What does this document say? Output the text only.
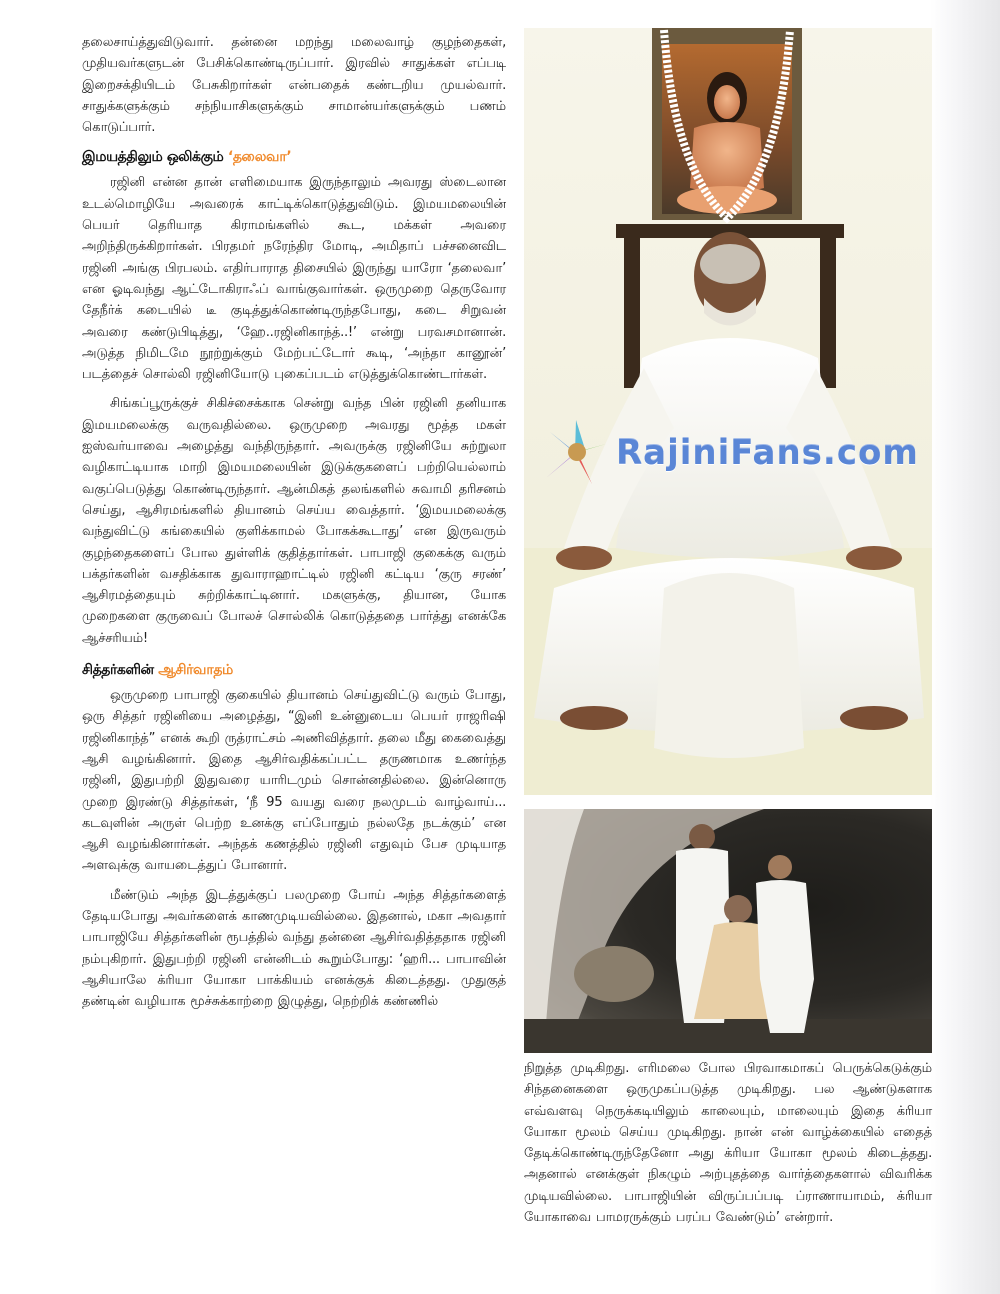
தலைசாய்த்துவிடுவார். தன்னை மறந்து மலைவாழ் குழந்தைகள், முதியவர்களுடன் பேசிக்கொண்டிருப்பார். இரவில் சாதுக்கள் எப்படி இறைசக்தியிடம் பேசுகிறார்கள் என்பதைக் கண்டறிய முயல்வார். சாதுக்களுக்கும் சந்நியாசிகளுக்கும் சாமான்யர்களுக்கும் பணம் கொடுப்பார்.

இமயத்திலும் ஒலிக்கும் ‘தலைவா’

ரஜினி என்ன தான் எளிமையாக இருந்தாலும் அவரது ஸ்டைலான உடல்மொழியே அவரைக் காட்டிக்கொடுத்துவிடும். இமயமலையின் பெயர் தெரியாத கிராமங்களில் கூட, மக்கள் அவரை அறிந்திருக்கிறார்கள். பிரதமர் நரேந்திர மோடி, அமிதாப் பச்சனைவிட ரஜினி அங்கு பிரபலம். எதிர்பாராத திசையில் இருந்து யாரோ ‘தலைவா’ என ஓடிவந்து ஆட்டோகிராஃப் வாங்குவார்கள். ஒருமுறை தெருவோர தேநீர்க் கடையில் டீ குடித்துக்கொண்டிருந்தபோது, கடை சிறுவன் அவரை கண்டுபிடித்து, ‘ஹே..ரஜினிகாந்த்..!’ என்று பரவசமானான். அடுத்த நிமிடமே நூற்றுக்கும் மேற்பட்டோர் கூடி, ‘அந்தா கானூன்’ படத்தைச் சொல்லி ரஜினியோடு புகைப்படம் எடுத்துக்கொண்டார்கள்.

சிங்கப்பூருக்குச் சிகிச்சைக்காக சென்று வந்த பின் ரஜினி தனியாக இமயமலைக்கு வருவதில்லை. ஒருமுறை அவரது மூத்த மகள் ஐஸ்வர்யாவை அழைத்து வந்திருந்தார். அவருக்கு ரஜினியே சுற்றுலா வழிகாட்டியாக மாறி இமயமலையின் இடுக்குகளைப் பற்றியெல்லாம் வகுப்பெடுத்து கொண்டிருந்தார். ஆன்மிகத் தலங்களில் சுவாமி தரிசனம் செய்து, ஆசிரமங்களில் தியானம் செய்ய வைத்தார். ‘இமயமலைக்கு வந்துவிட்டு கங்கையில் குளிக்காமல் போகக்கூடாது’ என இருவரும் குழந்தைகளைப் போல துள்ளிக் குதித்தார்கள். பாபாஜி குகைக்கு வரும் பக்தர்களின் வசதிக்காக துவாராஹாட்டில் ரஜினி கட்டிய ‘குரு சரண்’ ஆசிரமத்தையும் சுற்றிக்காட்டினார். மகளுக்கு, தியான, யோக முறைகளை குருவைப் போலச் சொல்லிக் கொடுத்ததை பார்த்து எனக்கே ஆச்சரியம்!

சித்தர்களின் ஆசிர்வாதம்

ஒருமுறை பாபாஜி குகையில் தியானம் செய்துவிட்டு வரும் போது, ஒரு சித்தர் ரஜினியை அழைத்து, “இனி உன்னுடைய பெயர் ராஜரிஷி ரஜினிகாந்த்” எனக் கூறி ருத்ராட்சம் அணிவித்தார். தலை மீது கைவைத்து ஆசி வழங்கினார். இதை ஆசிர்வதிக்கப்பட்ட தருணமாக உணர்ந்த ரஜினி, இதுபற்றி இதுவரை யாரிடமும் சொன்னதில்லை. இன்னொரு முறை இரண்டு சித்தர்கள், ‘நீ 95 வயது வரை நலமுடம் வாழ்வாய்... கடவுளின் அருள் பெற்ற உனக்கு எப்போதும் நல்லதே நடக்கும்’ என ஆசி வழங்கினார்கள். அந்தக் கணத்தில் ரஜினி எதுவும் பேச முடியாத அளவுக்கு வாயடைத்துப் போனார்.

மீண்டும் அந்த இடத்துக்குப் பலமுறை போய் அந்த சித்தர்களைத் தேடியபோது அவர்களைக் காணமுடியவில்லை. இதனால், மகா அவதார் பாபாஜியே சித்தர்களின் ரூபத்தில் வந்து தன்னை ஆசிர்வதித்ததாக ரஜினி நம்புகிறார். இதுபற்றி ரஜினி என்னிடம் கூறும்போது: ‘ஹரி... பாபாவின் ஆசியாலே க்ரியா யோகா பாக்கியம் எனக்குக் கிடைத்தது. முதுகுத் தண்டின் வழியாக மூச்சுக்காற்றை இழுத்து, நெற்றிக் கண்ணில்

RajiniFans.com

நிறுத்த முடிகிறது. எரிமலை போல பிரவாகமாகப் பெருக்கெடுக்கும் சிந்தனைகளை ஒருமுகப்படுத்த முடிகிறது. பல ஆண்டுகளாக எவ்வளவு நெருக்கடியிலும் காலையும், மாலையும் இதை க்ரியா யோகா மூலம் செய்ய முடிகிறது. நான் என் வாழ்க்கையில் எதைத் தேடிக்கொண்டிருந்தேனோ அது க்ரியா யோகா மூலம் கிடைத்தது. அதனால் எனக்குள் நிகழும் அற்புதத்தை வார்த்தைகளால் விவரிக்க முடியவில்லை. பாபாஜியின் விருப்பப்படி ப்ராணாயாமம், க்ரியா யோகாவை பாமரருக்கும் பரப்ப வேண்டும்’ என்றார்.
